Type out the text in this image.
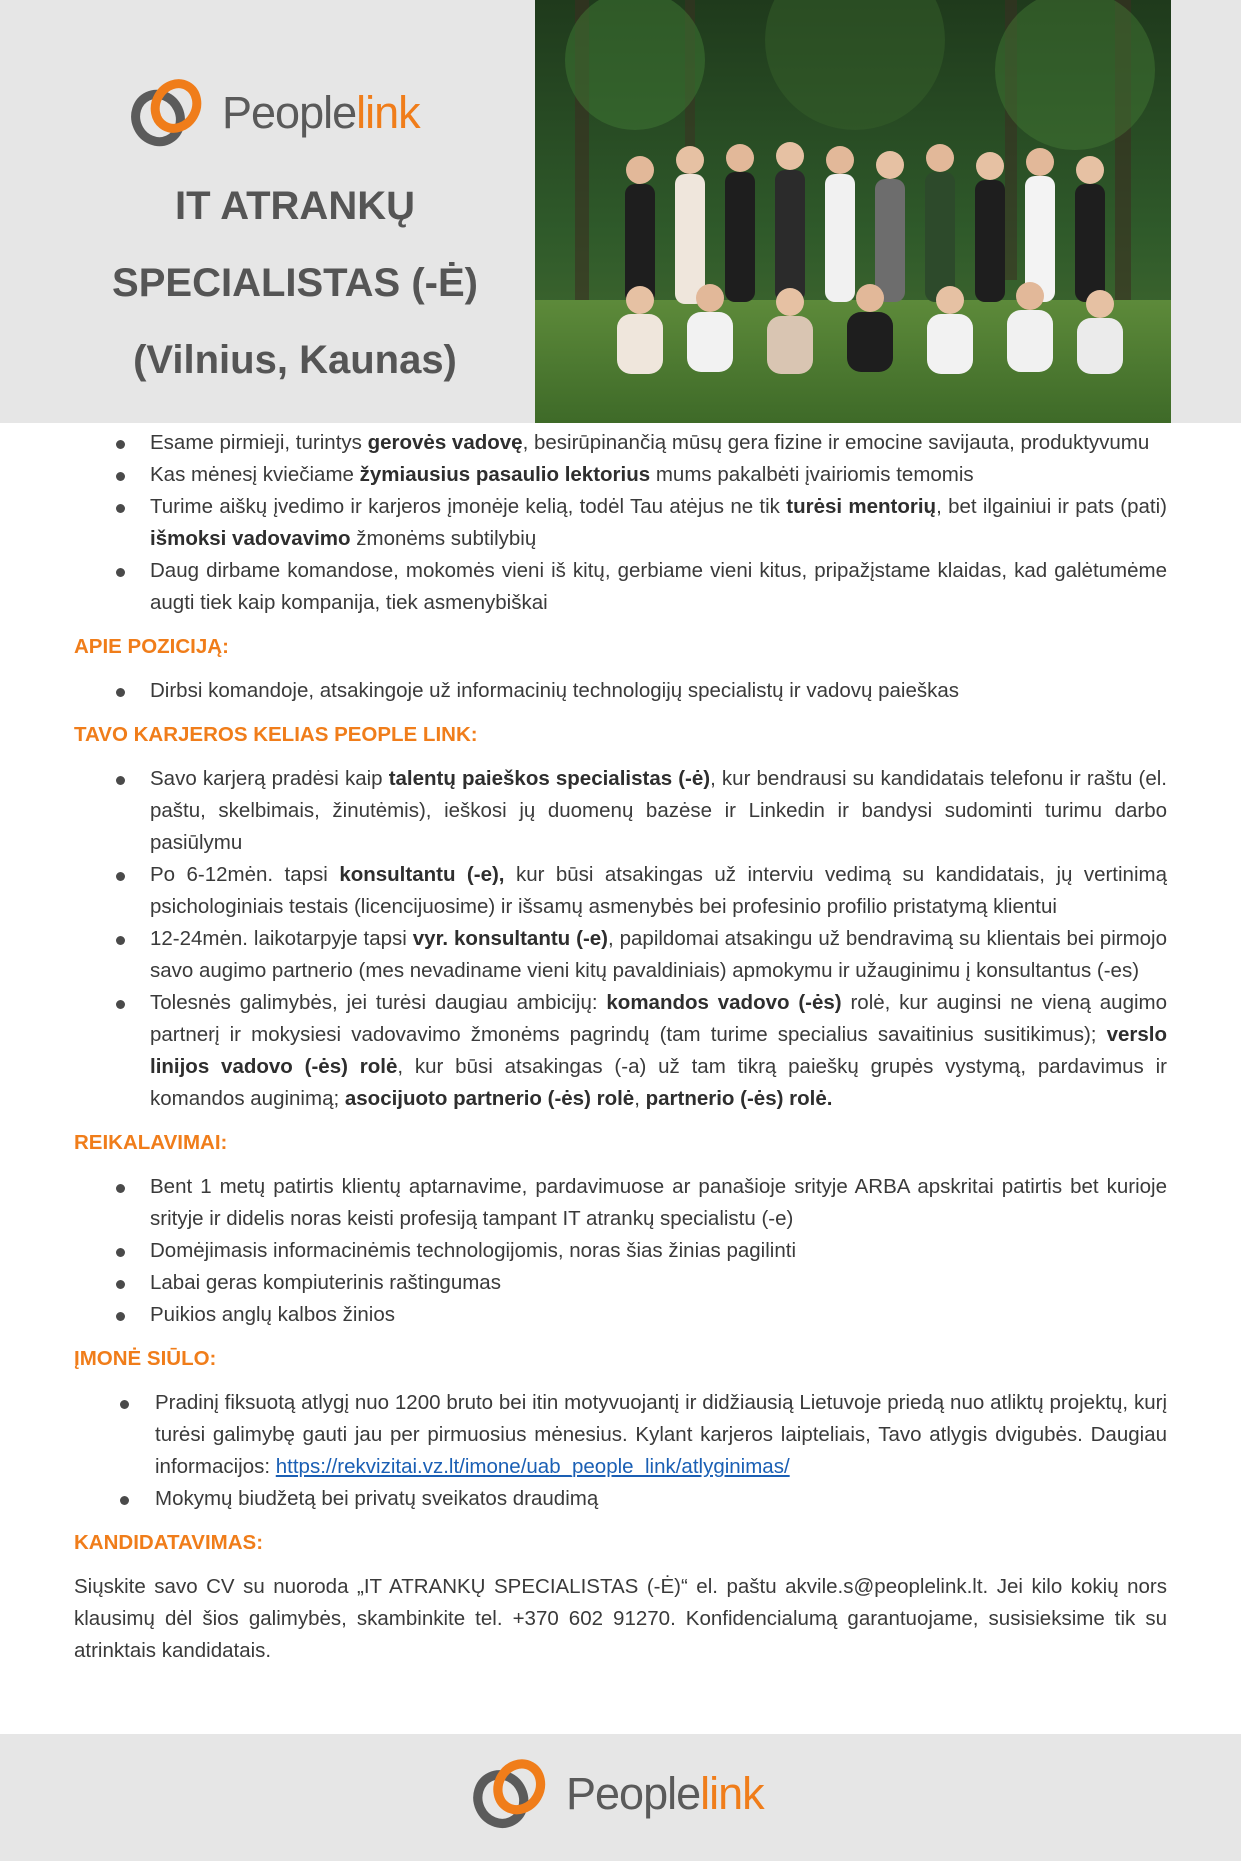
Peoplelink
IT ATRANKŲ
SPECIALISTAS (-Ė)
(Vilnius, Kaunas)
Esame pirmieji, turintys gerovės vadovę, besirūpinančią mūsų gera fizine ir emocine savijauta, produktyvumu
Kas mėnesį kviečiame žymiausius pasaulio lektorius mums pakalbėti įvairiomis temomis
Turime aiškų įvedimo ir karjeros įmonėje kelią, todėl Tau atėjus ne tik turėsi mentorių, bet ilgainiui ir pats (pati) išmoksi vadovavimo žmonėms subtilybių
Daug dirbame komandose, mokomės vieni iš kitų, gerbiame vieni kitus, pripažįstame klaidas, kad galėtumėme augti tiek kaip kompanija, tiek asmenybiškai
APIE POZICIJĄ:
Dirbsi komandoje, atsakingoje už informacinių technologijų specialistų ir vadovų paieškas
TAVO KARJEROS KELIAS PEOPLE LINK:
Savo karjerą pradėsi kaip talentų paieškos specialistas (-ė), kur bendrausi su kandidatais telefonu ir raštu (el. paštu, skelbimais, žinutėmis), ieškosi jų duomenų bazėse ir Linkedin ir bandysi sudominti turimu darbo pasiūlymu
Po 6-12mėn. tapsi konsultantu (-e), kur būsi atsakingas už interviu vedimą su kandidatais, jų vertinimą psichologiniais testais (licencijuosime) ir išsamų asmenybės bei profesinio profilio pristatymą klientui
12-24mėn. laikotarpyje tapsi vyr. konsultantu (-e), papildomai atsakingu už bendravimą su klientais bei pirmojo savo augimo partnerio (mes nevadiname vieni kitų pavaldiniais) apmokymu ir užauginimu į konsultantus (-es)
Tolesnės galimybės, jei turėsi daugiau ambicijų: komandos vadovo (-ės) rolė, kur auginsi ne vieną augimo partnerį ir mokysiesi vadovavimo žmonėms pagrindų (tam turime specialius savaitinius susitikimus); verslo linijos vadovo (-ės) rolė, kur būsi atsakingas (-a) už tam tikrą paieškų grupės vystymą, pardavimus ir komandos auginimą; asocijuoto partnerio (-ės) rolė, partnerio (-ės) rolė.
REIKALAVIMAI:
Bent 1 metų patirtis klientų aptarnavime, pardavimuose ar panašioje srityje ARBA apskritai patirtis bet kurioje srityje ir didelis noras keisti profesiją tampant IT atrankų specialistu (-e)
Domėjimasis informacinėmis technologijomis, noras šias žinias pagilinti
Labai geras kompiuterinis raštingumas
Puikios anglų kalbos žinios
ĮMONĖ SIŪLO:
Pradinį fiksuotą atlygį nuo 1200 bruto bei itin motyvuojantį ir didžiausią Lietuvoje priedą nuo atliktų projektų, kurį turėsi galimybę gauti jau per pirmuosius mėnesius. Kylant karjeros laipteliais, Tavo atlygis dvigubės. Daugiau informacijos: https://rekvizitai.vz.lt/imone/uab_people_link/atlyginimas/
Mokymų biudžetą bei privatų sveikatos draudimą
KANDIDATAVIMAS:
Siųskite savo CV su nuoroda „IT ATRANKŲ SPECIALISTAS (-Ė)“ el. paštu akvile.s@peoplelink.lt. Jei kilo kokių nors klausimų dėl šios galimybės, skambinkite tel. +370 602 91270. Konfidencialumą garantuojame, susisieksime tik su atrinktais kandidatais.
Peoplelink
